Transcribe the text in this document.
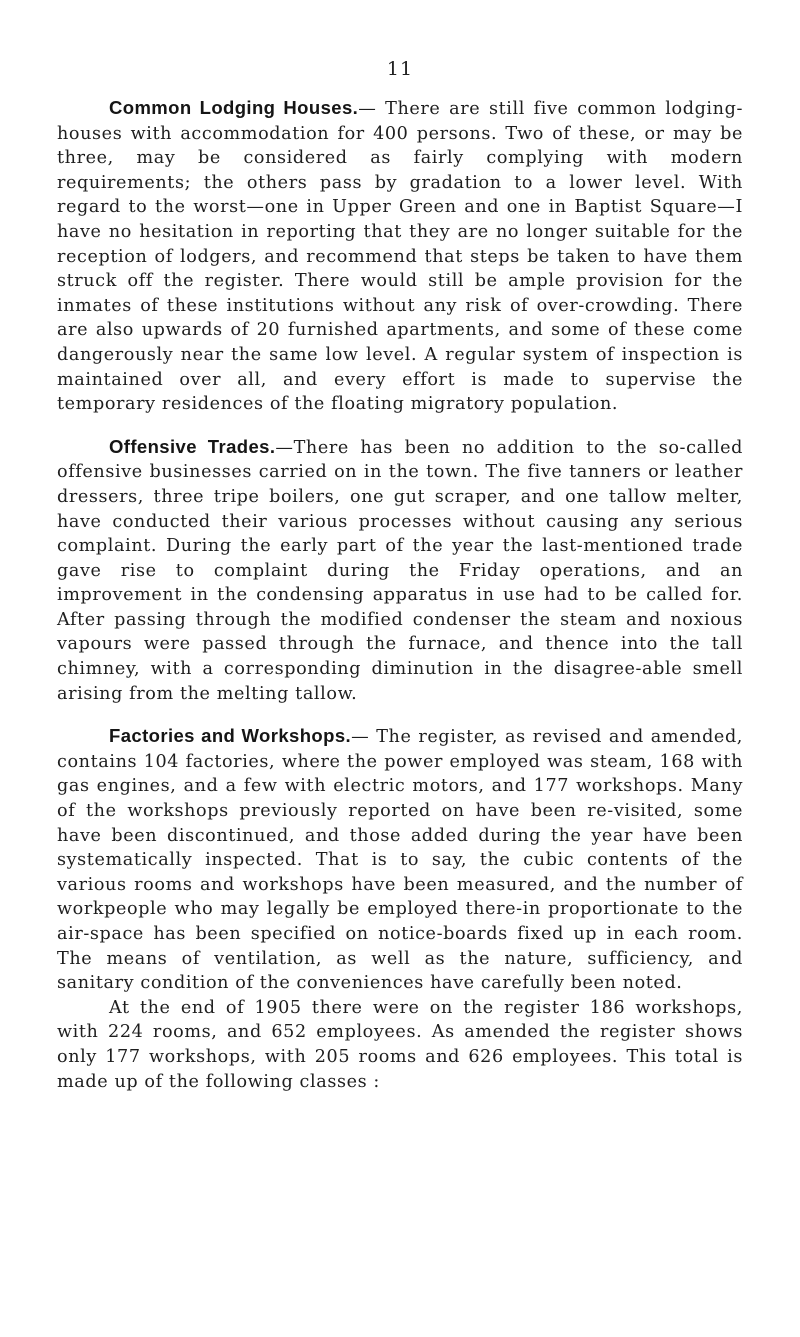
11

Common Lodging Houses.— There are still five common lodging-houses with accommodation for 400 persons. Two of these, or may be three, may be considered as fairly complying with modern requirements; the others pass by gradation to a lower level. With regard to the worst—one in Upper Green and one in Baptist Square—I have no hesitation in reporting that they are no longer suitable for the reception of lodgers, and recommend that steps be taken to have them struck off the register. There would still be ample provision for the inmates of these institutions without any risk of over-crowding. There are also upwards of 20 furnished apartments, and some of these come dangerously near the same low level. A regular system of inspection is maintained over all, and every effort is made to supervise the temporary residences of the floating migratory population.

Offensive Trades.—There has been no addition to the so-called offensive businesses carried on in the town. The five tanners or leather dressers, three tripe boilers, one gut scraper, and one tallow melter, have conducted their various processes without causing any serious complaint. During the early part of the year the last-mentioned trade gave rise to complaint during the Friday operations, and an improvement in the condensing apparatus in use had to be called for. After passing through the modified condenser the steam and noxious vapours were passed through the furnace, and thence into the tall chimney, with a corresponding diminution in the disagree-able smell arising from the melting tallow.

Factories and Workshops.— The register, as revised and amended, contains 104 factories, where the power employed was steam, 168 with gas engines, and a few with electric motors, and 177 workshops. Many of the workshops previously reported on have been re-visited, some have been discontinued, and those added during the year have been systematically inspected. That is to say, the cubic contents of the various rooms and workshops have been measured, and the number of workpeople who may legally be employed there-in proportionate to the air-space has been specified on notice-boards fixed up in each room. The means of ventilation, as well as the nature, sufficiency, and sanitary condition of the conveniences have carefully been noted.

At the end of 1905 there were on the register 186 workshops, with 224 rooms, and 652 employees. As amended the register shows only 177 workshops, with 205 rooms and 626 employees. This total is made up of the following classes :
